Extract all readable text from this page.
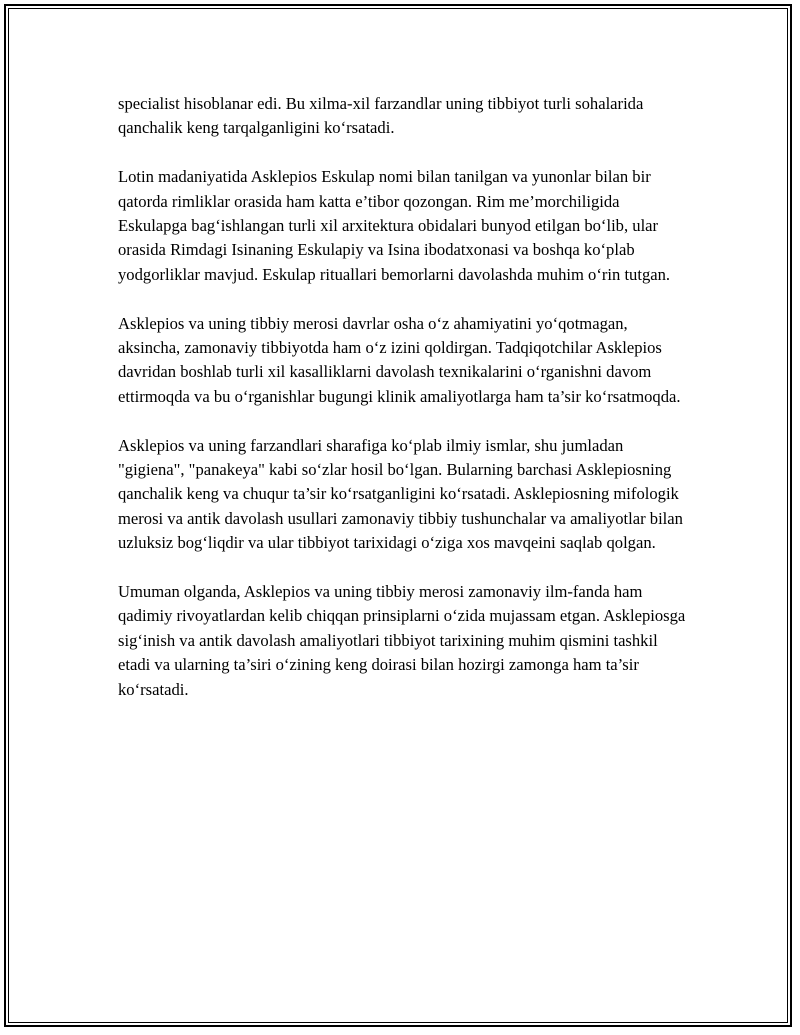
specialist hisoblanar edi. Bu xilma-xil farzandlar uning tibbiyot turli sohalarida qanchalik keng tarqalganligini ko‘rsatadi.

Lotin madaniyatida Asklepios Eskulap nomi bilan tanilgan va yunonlar bilan bir qatorda rimliklar orasida ham katta e’tibor qozongan. Rim me’morchiligida Eskulapga bag‘ishlangan turli xil arxitektura obidalari bunyod etilgan bo‘lib, ular orasida Rimdagi Isinaning Eskulapiy va Isina ibodatxonasi va boshqa ko‘plab yodgorliklar mavjud. Eskulap rituallari bemorlarni davolashda muhim o‘rin tutgan.

Asklepios va uning tibbiy merosi davrlar osha o‘z ahamiyatini yo‘qotmagan, aksincha, zamonaviy tibbiyotda ham o‘z izini qoldirgan. Tadqiqotchilar Asklepios davridan boshlab turli xil kasalliklarni davolash texnikalarini o‘rganishni davom ettirmoqda va bu o‘rganishlar bugungi klinik amaliyotlarga ham ta’sir ko‘rsatmoqda.

Asklepios va uning farzandlari sharafiga ko‘plab ilmiy ismlar, shu jumladan "gigiena", "panakeya" kabi so‘zlar hosil bo‘lgan. Bularning barchasi Asklepiosning qanchalik keng va chuqur ta’sir ko‘rsatganligini ko‘rsatadi. Asklepiosning mifologik merosi va antik davolash usullari zamonaviy tibbiy tushunchalar va amaliyotlar bilan uzluksiz bog‘liqdir va ular tibbiyot tarixidagi o‘ziga xos mavqeini saqlab qolgan.

Umuman olganda, Asklepios va uning tibbiy merosi zamonaviy ilm-fanda ham qadimiy rivoyatlardan kelib chiqqan prinsiplarni o‘zida mujassam etgan. Asklepiosga sig‘inish va antik davolash amaliyotlari tibbiyot tarixining muhim qismini tashkil etadi va ularning ta’siri o‘zining keng doirasi bilan hozirgi zamonga ham ta’sir ko‘rsatadi.
